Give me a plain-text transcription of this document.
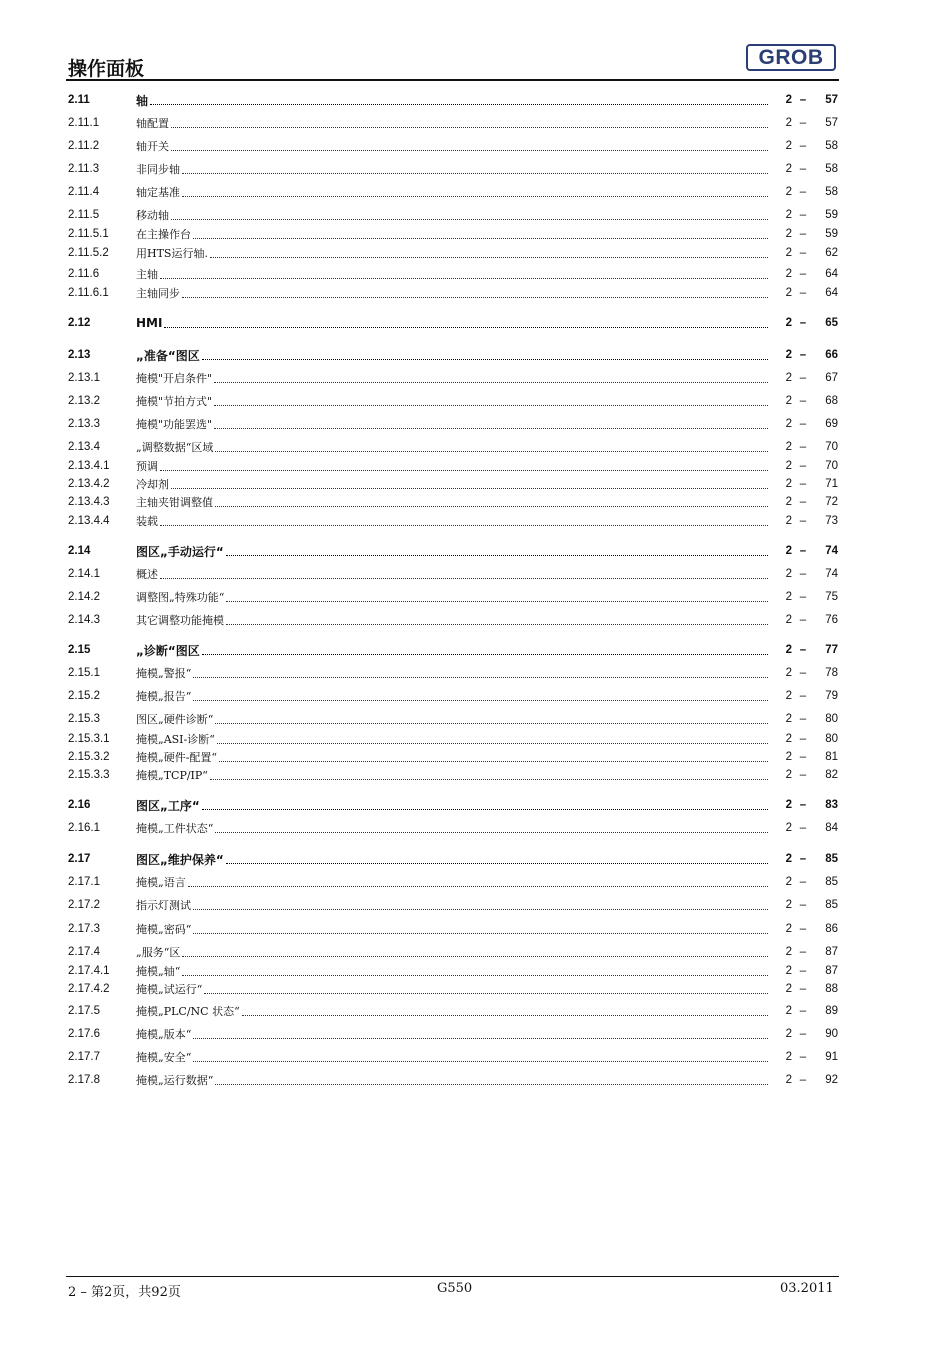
操作面板
GROB
2.11	轴	2 –	57
2.11.1	轴配置	2 –	57
2.11.2	轴开关	2 –	58
2.11.3	非同步轴	2 –	58
2.11.4	轴定基准	2 –	58
2.11.5	移动轴	2 –	59
2.11.5.1	在主操作台	2 –	59
2.11.5.2	用HTS运行轴.	2 –	62
2.11.6	主轴	2 –	64
2.11.6.1	主轴同步	2 –	64
2.12	HMI	2 –	65
2.13	„准备“图区	2 –	66
2.13.1	掩模"开启条件"	2 –	67
2.13.2	掩模"节拍方式"	2 –	68
2.13.3	掩模"功能罢选"	2 –	69
2.13.4	„调整数据“区域	2 –	70
2.13.4.1	预调	2 –	70
2.13.4.2	冷却剂	2 –	71
2.13.4.3	主轴夹钳调整值	2 –	72
2.13.4.4	装载	2 –	73
2.14	图区„手动运行“	2 –	74
2.14.1	概述	2 –	74
2.14.2	调整图„特殊功能“	2 –	75
2.14.3	其它调整功能掩模	2 –	76
2.15	„诊断“图区	2 –	77
2.15.1	掩模„警报“	2 –	78
2.15.2	掩模„报告“	2 –	79
2.15.3	图区„硬件诊断“	2 –	80
2.15.3.1	掩模„ASI-诊断“	2 –	80
2.15.3.2	掩模„硬件-配置“	2 –	81
2.15.3.3	掩模„TCP/IP“	2 –	82
2.16	图区„工序“	2 –	83
2.16.1	掩模„工件状态“	2 –	84
2.17	图区„维护保养“	2 –	85
2.17.1	掩模„语言	2 –	85
2.17.2	指示灯测试	2 –	85
2.17.3	掩模„密码“	2 –	86
2.17.4	„服务“区	2 –	87
2.17.4.1	掩模„轴“	2 –	87
2.17.4.2	掩模„试运行“	2 –	88
2.17.5	掩模„PLC/NC 状态“	2 –	89
2.17.6	掩模„版本“	2 –	90
2.17.7	掩模„安全“	2 –	91
2.17.8	掩模„运行数据“	2 –	92
2 – 第2页，共92页	G550	03.2011
